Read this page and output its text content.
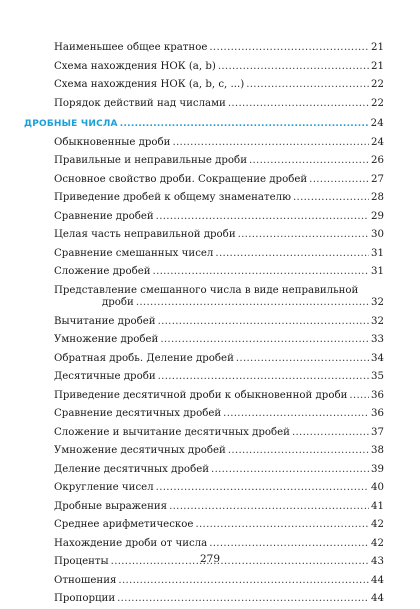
Наименьшее общее кратное .....	21
Схема нахождения НОК (a, b) .....	21
Схема нахождения НОК (a, b, c, ...) .....	22
Порядок действий над числами .....	22
ДРОБНЫЕ ЧИСЛА .....	24
Обыкновенные дроби .....	24
Правильные и неправильные дроби .....	26
Основное свойство дроби. Сокращение дробей .....	27
Приведение дробей к общему знаменателю .....	28
Сравнение дробей .....	29
Целая часть неправильной дроби .....	30
Сравнение смешанных чисел .....	31
Сложение дробей .....	31
Представление смешанного числа в виде неправильной
дроби .....	32
Вычитание дробей .....	32
Умножение дробей .....	33
Обратная дробь. Деление дробей .....	34
Десятичные дроби .....	35
Приведение десятичной дроби к обыкновенной дроби ..... 36
Сравнение десятичных дробей .....	36
Сложение и вычитание десятичных дробей .....	37
Умножение десятичных дробей .....	38
Деление десятичных дробей .....	39
Округление чисел .....	40
Дробные выражения .....	41
Среднее арифметическое .....	42
Нахождение дроби от числа .....	42
Проценты .....	43
Отношения .....	44
Пропорции .....	44
279
